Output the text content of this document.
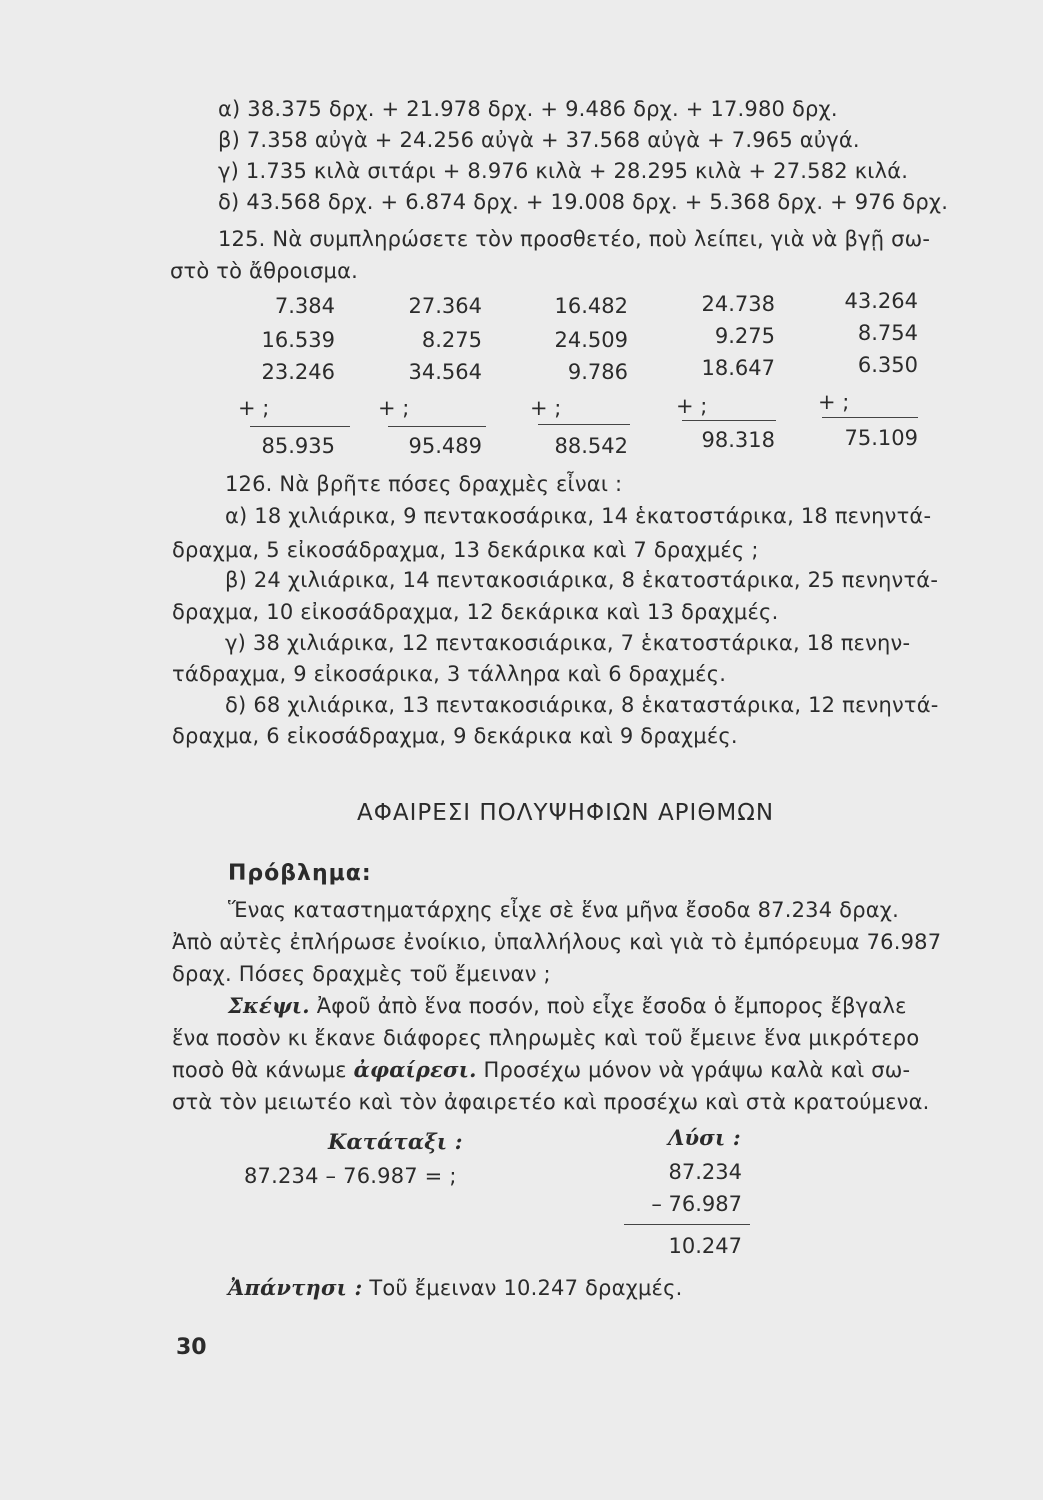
α) 38.375 δρχ. + 21.978 δρχ. + 9.486 δρχ. + 17.980 δρχ.
β) 7.358 αὐγὰ + 24.256 αὐγὰ + 37.568 αὐγὰ + 7.965 αὐγά.
γ) 1.735 κιλὰ σιτάρι + 8.976 κιλὰ + 28.295 κιλὰ + 27.582 κιλά.
δ) 43.568 δρχ. + 6.874 δρχ. + 19.008 δρχ. + 5.368 δρχ. + 976 δρχ.
125. Νὰ συμπληρώσετε τὸν προσθετέο, ποὺ λείπει, γιὰ νὰ βγῇ σω-
στὸ τὸ ἄθροισμα.
7.384
16.539
23.246
+ ;
85.935
27.364
8.275
34.564
+ ;
95.489
16.482
24.509
9.786
+ ;
88.542
24.738
9.275
18.647
+ ;
98.318
43.264
8.754
6.350
+ ;
75.109
126. Νὰ βρῆτε πόσες δραχμὲς εἶναι :
α) 18 χιλιάρικα, 9 πεντακοσάρικα, 14 ἑκατοστάρικα, 18 πενηντά-
δραχμα, 5 εἰκοσάδραχμα, 13 δεκάρικα καὶ 7 δραχμές ;
β) 24 χιλιάρικα, 14 πεντακοσιάρικα, 8 ἑκατοστάρικα, 25 πενηντά-
δραχμα, 10 εἰκοσάδραχμα, 12 δεκάρικα καὶ 13 δραχμές.
γ) 38 χιλιάρικα, 12 πεντακοσιάρικα, 7 ἑκατοστάρικα, 18 πενην-
τάδραχμα, 9 εἰκοσάρικα, 3 τάλληρα καὶ 6 δραχμές.
δ) 68 χιλιάρικα, 13 πεντακοσιάρικα, 8 ἑκαταστάρικα, 12 πενηντά-
δραχμα, 6 εἰκοσάδραχμα, 9 δεκάρικα καὶ 9 δραχμές.
ΑΦΑΙΡΕΣΙ ΠΟΛΥΨΗΦΙΩΝ ΑΡΙΘΜΩΝ
Πρόβλημα:
Ἕνας καταστηματάρχης εἶχε σὲ ἕνα μῆνα ἔσοδα 87.234 δραχ.
Ἀπὸ αὐτὲς ἐπλήρωσε ἐνοίκιο, ὑπαλλήλους καὶ γιὰ τὸ ἐμπόρευμα 76.987
δραχ. Πόσες δραχμὲς τοῦ ἔμειναν ;
Σκέψι. Ἀφοῦ ἀπὸ ἕνα ποσόν, ποὺ εἶχε ἔσοδα ὁ ἔμπορος ἔβγαλε
ἕνα ποσὸν κι ἔκανε διάφορες πληρωμὲς καὶ τοῦ ἔμεινε ἕνα μικρότερο
ποσὸ θὰ κάνωμε ἀφαίρεσι. Προσέχω μόνον νὰ γράψω καλὰ καὶ σω-
στὰ τὸν μειωτέο καὶ τὸν ἀφαιρετέο καὶ προσέχω καὶ στὰ κρατούμενα.
Κατάταξι :
87.234 – 76.987 = ;
Λύσι :
87.234
– 76.987
10.247
Ἀπάντησι : Τοῦ ἔμειναν 10.247 δραχμές.
30
